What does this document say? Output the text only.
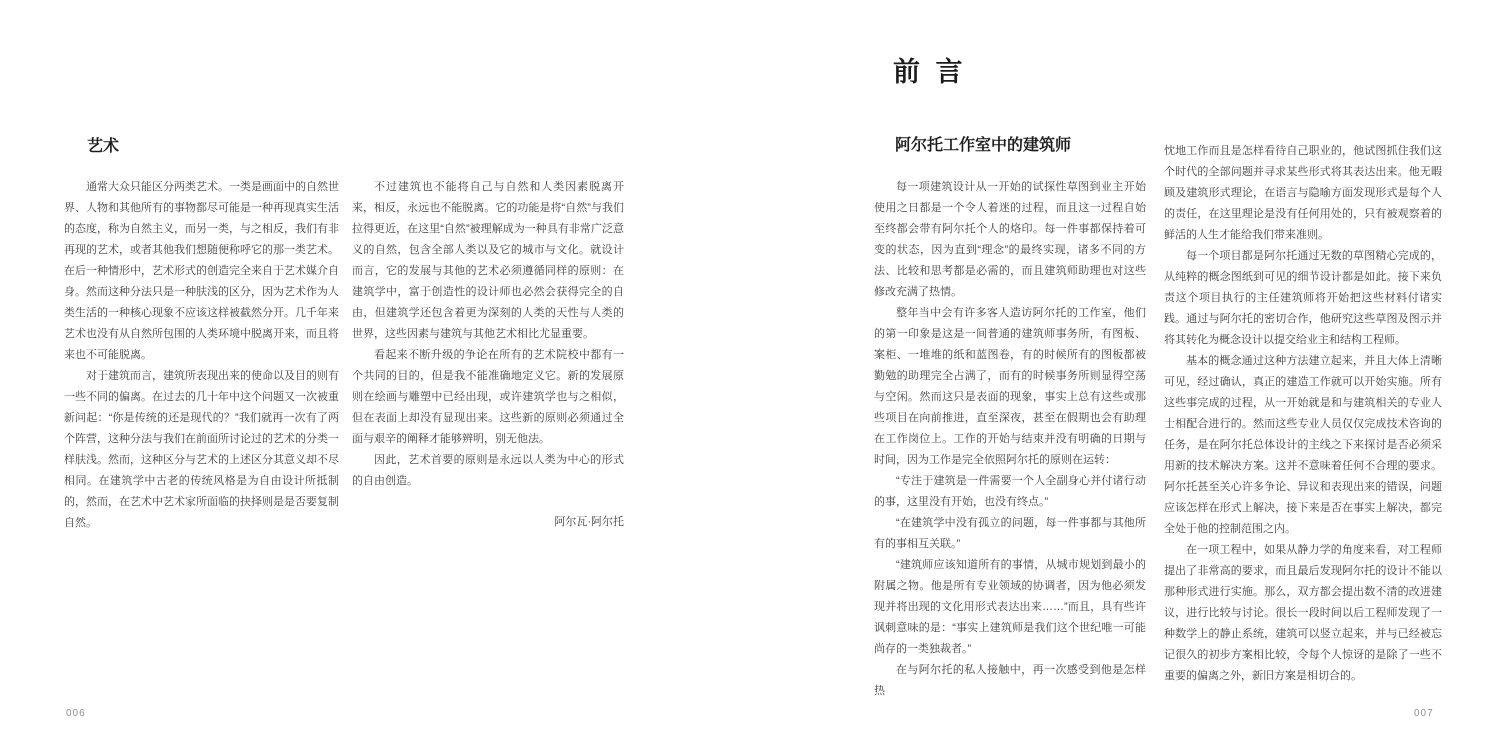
艺术

通常大众只能区分两类艺术。一类是画面中的自然世界、人物和其他所有的事物都尽可能是一种再现真实生活的态度，称为自然主义，而另一类，与之相反，我们有非再现的艺术，或者其他我们想随便称呼它的那一类艺术。在后一种情形中，艺术形式的创造完全来自于艺术媒介自身。然而这种分法只是一种肤浅的区分，因为艺术作为人类生活的一种核心现象不应该这样被截然分开。几千年来艺术也没有从自然所包围的人类环境中脱离开来，而且将来也不可能脱离。

对于建筑而言，建筑所表现出来的使命以及目的则有一些不同的偏离。在过去的几十年中这个问题又一次被重新问起：“你是传统的还是现代的？”我们就再一次有了两个阵营，这种分法与我们在前面所讨论过的艺术的分类一样肤浅。然而，这种区分与艺术的上述区分其意义却不尽相同。在建筑学中古老的传统风格是为自由设计所抵制的，然而，在艺术中艺术家所面临的抉择则是是否要复制自然。

不过建筑也不能将自己与自然和人类因素脱离开来，相反，永远也不能脱离。它的功能是将“自然”与我们拉得更近，在这里“自然”被理解成为一种具有非常广泛意义的自然，包含全部人类以及它的城市与文化。就设计而言，它的发展与其他的艺术必须遵循同样的原则：在建筑学中，富于创造性的设计师也必然会获得完全的自由，但建筑学还包含着更为深刻的人类的天性与人类的世界，这些因素与建筑与其他艺术相比尤显重要。

看起来不断升级的争论在所有的艺术院校中都有一个共同的目的，但是我不能准确地定义它。新的发展原则在绘画与雕塑中已经出现，或许建筑学也与之相似，但在表面上却没有显现出来。这些新的原则必须通过全面与艰辛的阐释才能够辨明，别无他法。

因此，艺术首要的原则是永远以人类为中心的形式的自由创造。

阿尔瓦·阿尔托

006
前 言
阿尔托工作室中的建筑师

每一项建筑设计从一开始的试探性草图到业主开始使用之日都是一个令人着迷的过程，而且这一过程自始至终都会带有阿尔托个人的烙印。每一件事都保持着可变的状态，因为直到“理念”的最终实现，诸多不同的方法、比较和思考都是必需的，而且建筑师助理也对这些修改充满了热情。

整年当中会有许多客人造访阿尔托的工作室，他们的第一印象是这是一间普通的建筑师事务所，有图板、案柜、一堆堆的纸和蓝图卷，有的时候所有的图板都被勤勉的助理完全占满了，而有的时候事务所则显得空荡与空闲。然而这只是表面的现象，事实上总有这些或那些项目在向前推进，直至深夜，甚至在假期也会有助理在工作岗位上。工作的开始与结束并没有明确的日期与时间，因为工作是完全依照阿尔托的原则在运转：

“专注于建筑是一件需要一个人全副身心并付诸行动的事，这里没有开始，也没有终点。”

“在建筑学中没有孤立的问题，每一件事都与其他所有的事相互关联。”

“建筑师应该知道所有的事情，从城市规划到最小的附属之物。他是所有专业领域的协调者，因为他必须发现并将出现的文化用形式表达出来……”而且，具有些许讽刺意味的是：“事实上建筑师是我们这个世纪唯一可能尚存的一类独裁者。”

在与阿尔托的私人接触中，再一次感受到他是怎样热

忱地工作而且是怎样看待自己职业的，他试图抓住我们这个时代的全部问题并寻求某些形式将其表达出来。他无暇顾及建筑形式理论，在语言与隐喻方面发现形式是每个人的责任，在这里理论是没有任何用处的，只有被观察着的鲜活的人生才能给我们带来准则。

每一个项目都是阿尔托通过无数的草图精心完成的，从纯粹的概念图纸到可见的细节设计都是如此。接下来负责这个项目执行的主任建筑师将开始把这些材料付诸实践。通过与阿尔托的密切合作，他研究这些草图及图示并将其转化为概念设计以提交给业主和结构工程师。

基本的概念通过这种方法建立起来，并且大体上清晰可见，经过确认，真正的建造工作就可以开始实施。所有这些事完成的过程，从一开始就是和与建筑相关的专业人士相配合进行的。然而这些专业人员仅仅完成技术咨询的任务，是在阿尔托总体设计的主线之下来探讨是否必须采用新的技术解决方案。这并不意味着任何不合理的要求。阿尔托甚至关心许多争论、异议和表现出来的错误，问题应该怎样在形式上解决，接下来是否在事实上解决，都完全处于他的控制范围之内。

在一项工程中，如果从静力学的角度来看，对工程师提出了非常高的要求，而且最后发现阿尔托的设计不能以那种形式进行实施。那么，双方都会提出数不清的改进建议，进行比较与讨论。很长一段时间以后工程师发现了一种数学上的静止系统，建筑可以竖立起来，并与已经被忘记很久的初步方案相比较，令每个人惊讶的是除了一些不重要的偏离之外，新旧方案是相切合的。

007
